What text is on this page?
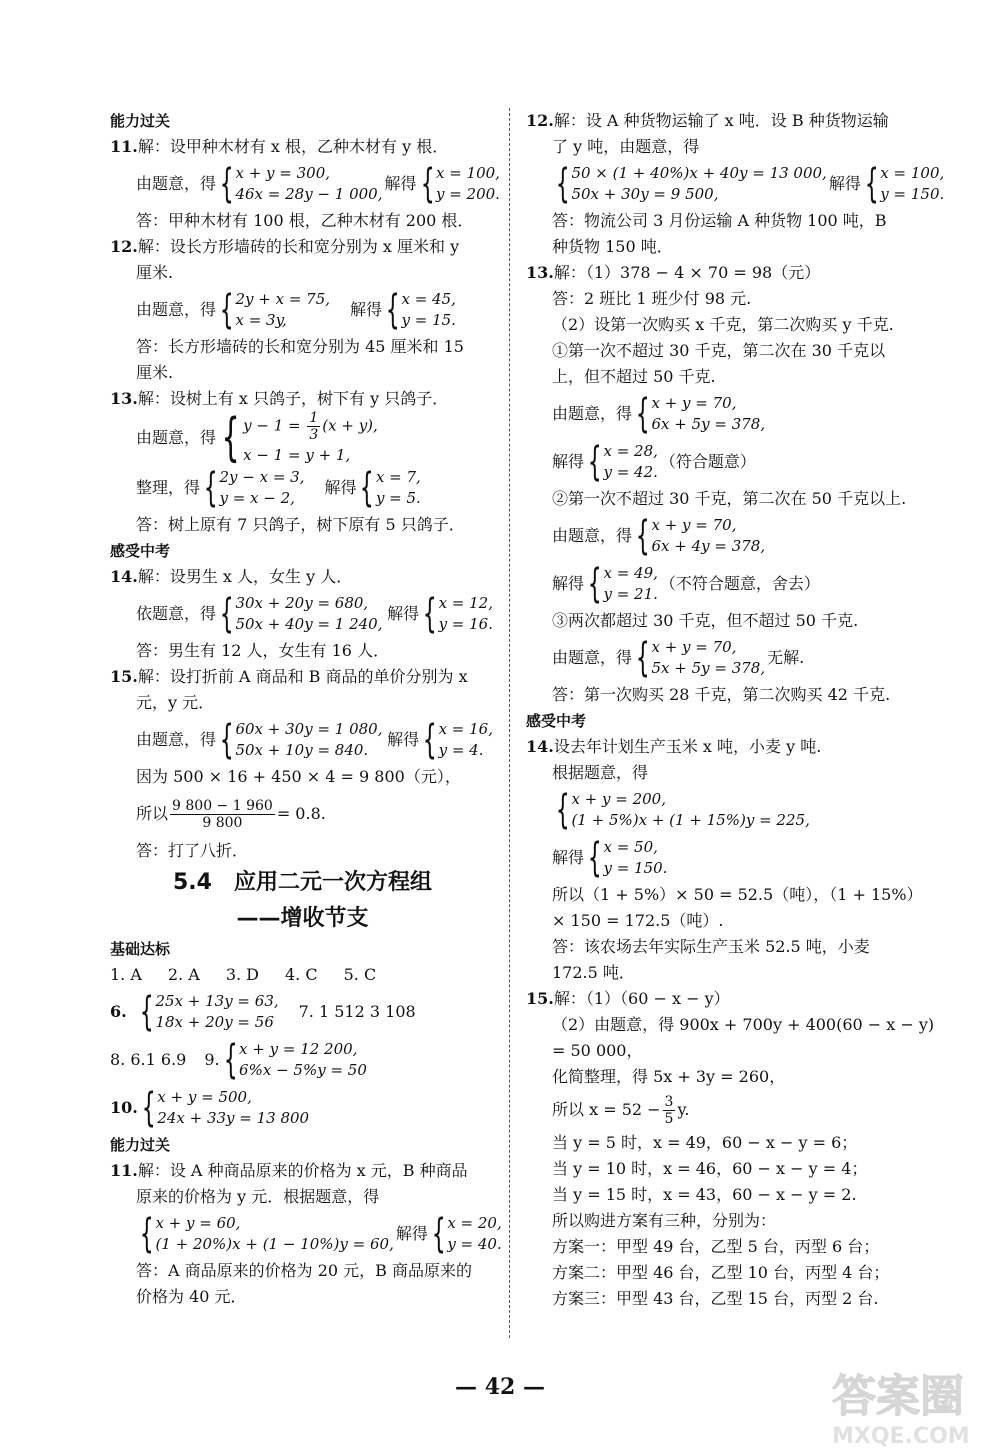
能力过关
11.解：设甲种木材有 x 根，乙种木材有 y 根．
由题意，得 { x + y = 300,
46x = 28y − 1 000,
解得 { x = 100,
y = 200.
答：甲种木材有 100 根，乙种木材有 200 根．
12.解：设长方形墙砖的长和宽分别为 x 厘米和 y
厘米.
由题意，得 { 2y + x = 75,
x = 3y,
解得 { x = 45,
y = 15.
答：长方形墙砖的长和宽分别为 45 厘米和 15
厘米.
13.解：设树上有 x 只鸽子，树下有 y 只鸽子．
由题意，得 { $y - 1 = \frac{1}{3} (x + y)$,
x − 1 = y + 1,
整理，得 { 2y − x = 3,
y = x − 2,
解得 { x = 7,
y = 5.
答：树上原有 7 只鸽子，树下原有 5 只鸽子．
感受中考
14.解：设男生 x 人，女生 y 人．
依题意，得 { 30x + 20y = 680,
50x + 40y = 1 240,
解得 { x = 12,
y = 16.
答：男生有 12 人，女生有 16 人．
15.解：设打折前 A 商品和 B 商品的单价分别为 x
元，y 元．
由题意，得 { 60x + 30y = 1 080,
50x + 10y = 840.
解得 { x = 16,
y = 4.
因为 500 × 16 + 450 × 4 = 9 800（元），
所以 $\frac{9 800 - 1 960}{9 800} = 0.8$.
答：打了八折．
5.4　应用二元一次方程组
——增收节支
基础达标
1. A 2. A 3. D 4. C 5. C
6. { 25x + 13y = 63,
18x + 20y = 56
7. 1 512 3 108
8. 6.1 6.9 9. { x + y = 12 200,
6%x − 5%y = 50
10. { x + y = 500,
24x + 33y = 13 800
能力过关
11.解：设 A 种商品原来的价格为 x 元，B 种商品
原来的价格为 y 元．根据题意，得
{ x + y = 60,
(1 + 20%)x + (1 − 10%)y = 60,
解得 { x = 20,
y = 40.
答：A 商品原来的价格为 20 元，B 商品原来的
价格为 40 元．
12.解：设 A 种货物运输了 x 吨．设 B 种货物运输
了 y 吨，由题意，得
{ 50 × (1 + 40%)x + 40y = 13 000,
50x + 30y = 9 500,
解得 { x = 100,
y = 150.
答：物流公司 3 月份运输 A 种货物 100 吨，B
种货物 150 吨．
13.解：（1）378 − 4 × 70 = 98（元）
答：2 班比 1 班少付 98 元.
（2）设第一次购买 x 千克，第二次购买 y 千克.
①第一次不超过 30 千克，第二次在 30 千克以
上，但不超过 50 千克.
由题意，得 { x + y = 70,
6x + 5y = 378,
解得 { x = 28,
y = 42.
（符合题意）
②第一次不超过 30 千克，第二次在 50 千克以上.
由题意，得 { x + y = 70,
6x + 4y = 378,
解得 { x = 49,
y = 21.
（不符合题意，舍去）
③两次都超过 30 千克，但不超过 50 千克.
由题意，得 { x + y = 70,
5x + 5y = 378,
无解.
答：第一次购买 28 千克，第二次购买 42 千克.
感受中考
14.设去年计划生产玉米 x 吨，小麦 y 吨.
根据题意，得
{ x + y = 200,
(1 + 5%)x + (1 + 15%)y = 225,
解得 { x = 50,
y = 150.
所以（1 + 5%）× 50 = 52.5（吨），（1 + 15%）
× 150 = 172.5（吨）.
答：该农场去年实际生产玉米 52.5 吨，小麦
172.5 吨．
15.解：（1）（60 − x − y）
（2）由题意，得 900x + 700y + 400(60 − x − y)
= 50 000，
化简整理，得 5x + 3y = 260，
所以 $x = 52 - \frac{3}{5} y$.
当 y = 5 时，x = 49，60 − x − y = 6；
当 y = 10 时，x = 46，60 − x − y = 4；
当 y = 15 时，x = 43，60 − x − y = 2.
所以购进方案有三种，分别为：
方案一：甲型 49 台，乙型 5 台，丙型 6 台；
方案二：甲型 46 台，乙型 10 台，丙型 4 台；
方案三：甲型 43 台，乙型 15 台，丙型 2 台.
— 42 —	答案圈
MXQE.COM
